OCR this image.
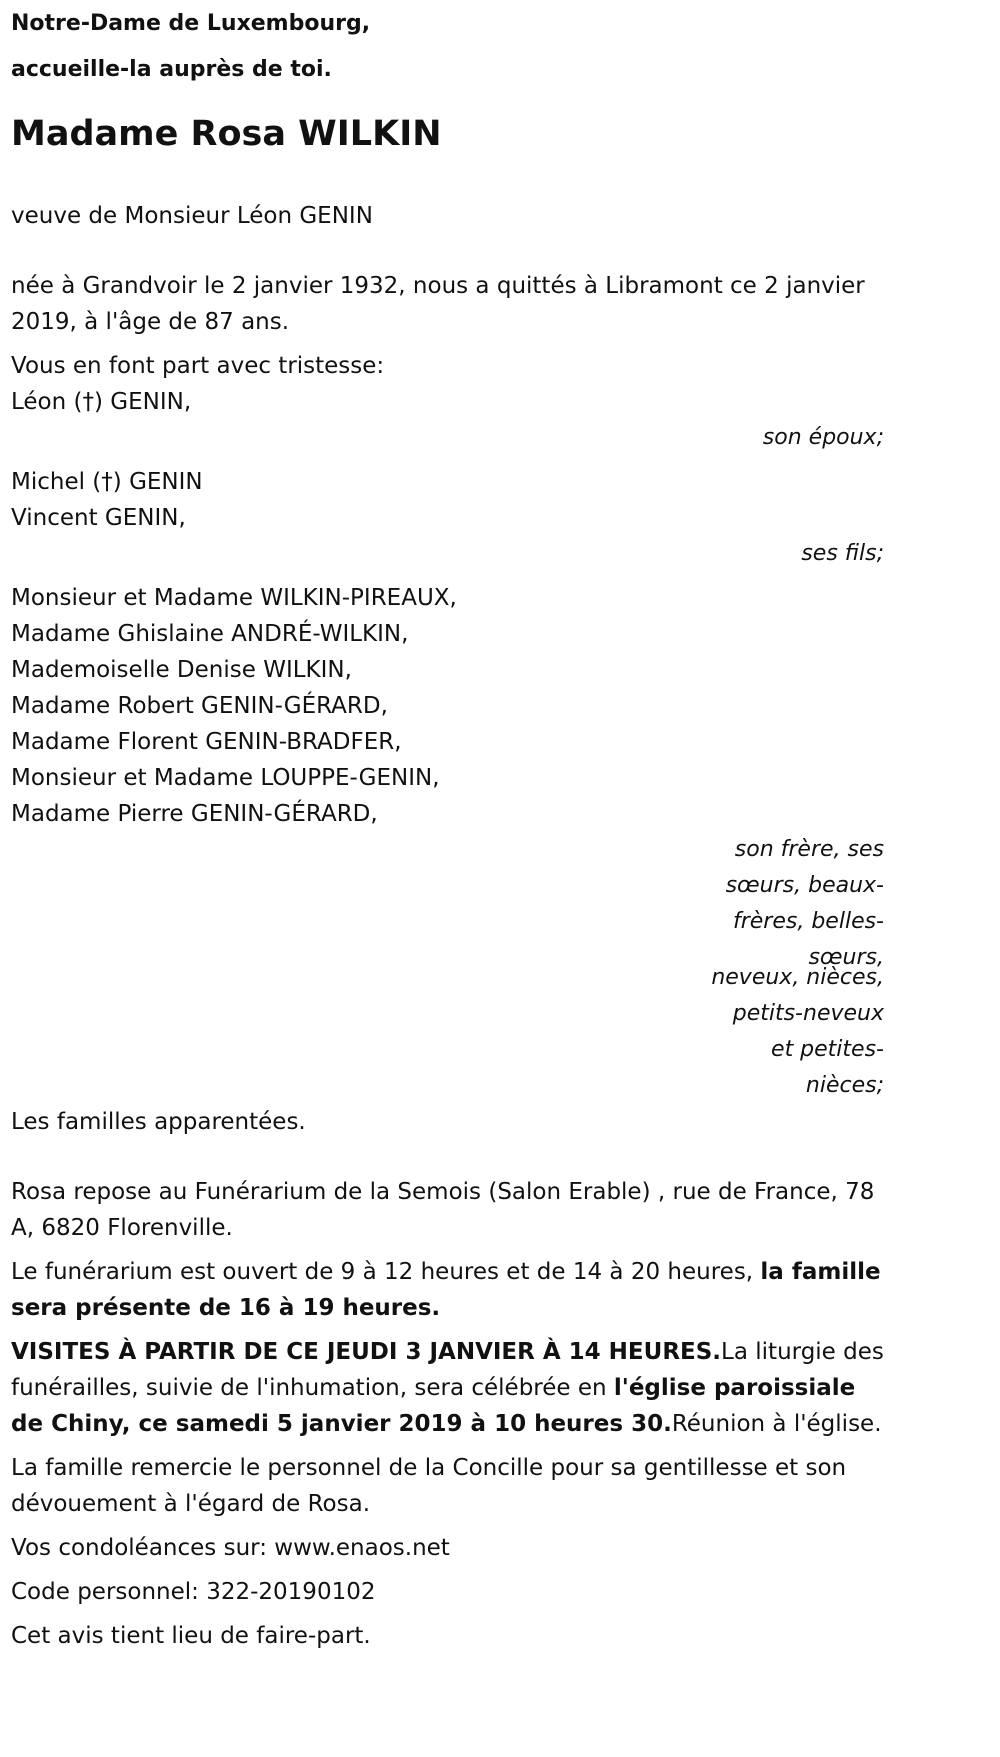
Notre-Dame de Luxembourg,
accueille-la auprès de toi.
Madame Rosa WILKIN

veuve de Monsieur Léon GENIN

née à Grandvoir le 2 janvier 1932, nous a quittés à Libramont ce 2 janvier 2019, à l'âge de 87 ans.

Vous en font part avec tristesse:

Léon (†) GENIN,

son époux;

Michel (†) GENIN

Vincent GENIN,

ses fils;

Monsieur et Madame WILKIN-PIREAUX,

Madame Ghislaine ANDRÉ-WILKIN,

Mademoiselle Denise WILKIN,

Madame Robert GENIN-GÉRARD,

Madame Florent GENIN-BRADFER,

Monsieur et Madame LOUPPE-GENIN,

Madame Pierre GENIN-GÉRARD,

son frère, ses sœurs, beaux-frères, belles-sœurs,
neveux, nièces, petits-neveux et petites-nièces;

Les familles apparentées.

Rosa repose au Funérarium de la Semois (Salon Erable) , rue de France, 78 A, 6820 Florenville.

Le funérarium est ouvert de 9 à 12 heures et de 14 à 20 heures, la famille sera présente de 16 à 19 heures.

VISITES À PARTIR DE CE JEUDI 3 JANVIER À 14 HEURES.La liturgie des funérailles, suivie de l'inhumation, sera célébrée en l'église paroissiale de Chiny, ce samedi 5 janvier 2019 à 10 heures 30.Réunion à l'église.

La famille remercie le personnel de la Concille pour sa gentillesse et son dévouement à l'égard de Rosa.

Vos condoléances sur: www.enaos.net

Code personnel: 322-20190102

Cet avis tient lieu de faire-part.
